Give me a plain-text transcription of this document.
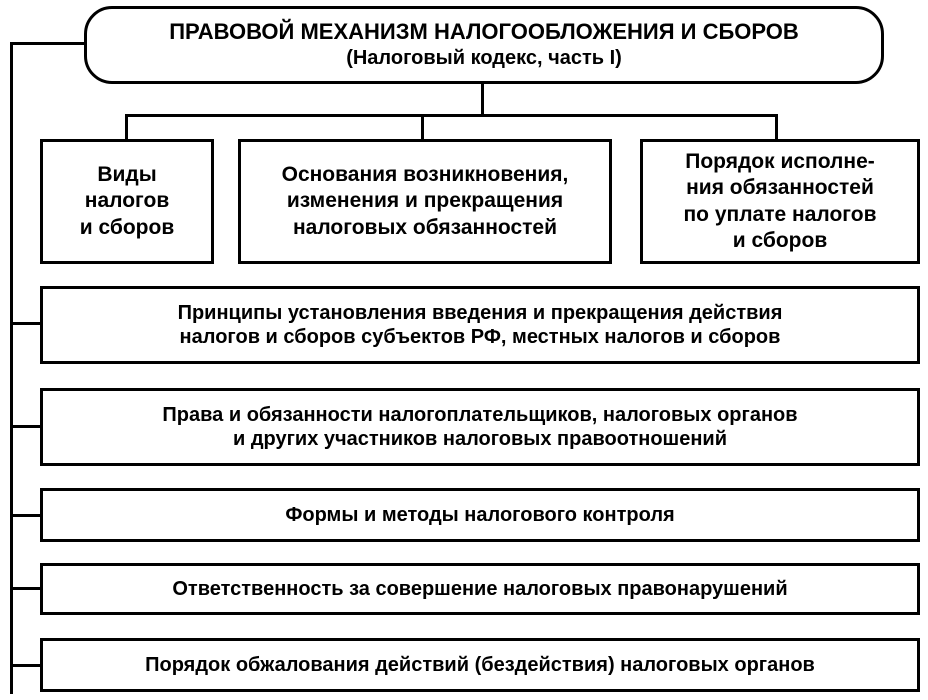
ПРАВОВОЙ МЕХАНИЗМ НАЛОГООБЛОЖЕНИЯ И СБОРОВ
(Налоговый кодекс, часть I)
Виды
налогов
и сборов
Основания возникновения,
изменения и прекращения
налоговых обязанностей
Порядок исполне-
ния обязанностей
по уплате налогов
и сборов
Принципы установления введения и прекращения действия
налогов и сборов субъектов РФ, местных налогов и сборов
Права и обязанности налогоплательщиков, налоговых органов
и других участников налоговых правоотношений
Формы и методы налогового контроля
Ответственность за совершение налоговых правонарушений
Порядок обжалования действий (бездействия) налоговых органов
